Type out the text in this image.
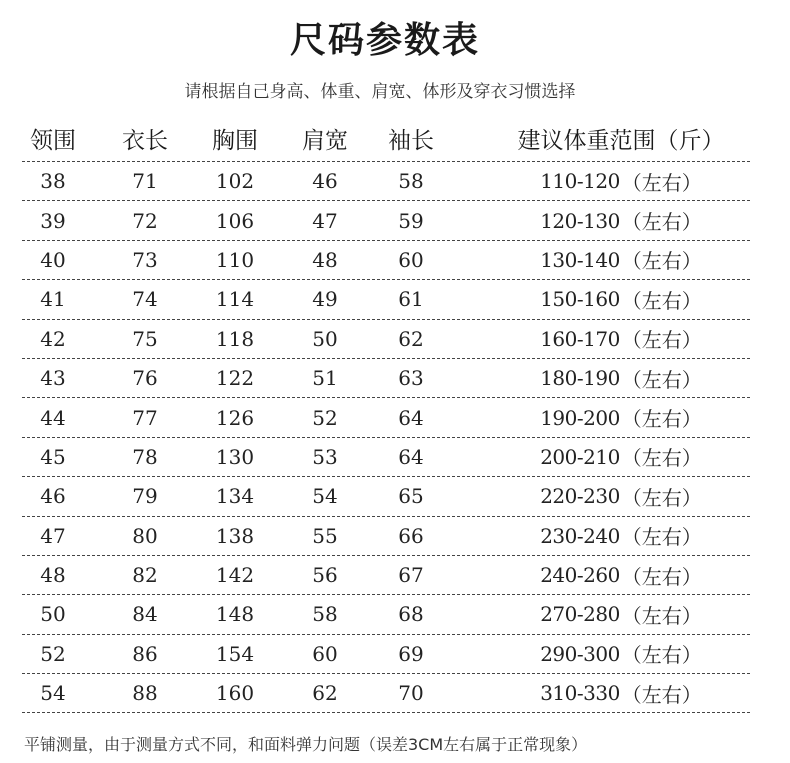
尺码参数表
请根据自己身高、体重、肩宽、体形及穿衣习惯选择
领围	衣长	胸围	肩宽	袖长	建议体重范围（斤）
38	71	102	46	58	110-120 （左右）
39	72	106	47	59	120-130 （左右）
40	73	110	48	60	130-140 （左右）
41	74	114	49	61	150-160 （左右）
42	75	118	50	62	160-170 （左右）
43	76	122	51	63	180-190 （左右）
44	77	126	52	64	190-200 （左右）
45	78	130	53	64	200-210 （左右）
46	79	134	54	65	220-230 （左右）
47	80	138	55	66	230-240 （左右）
48	82	142	56	67	240-260 （左右）
50	84	148	58	68	270-280 （左右）
52	86	154	60	69	290-300 （左右）
54	88	160	62	70	310-330 （左右）
平铺测量，由于测量方式不同，和面料弹力问题（误差3CM左右属于正常现象）
